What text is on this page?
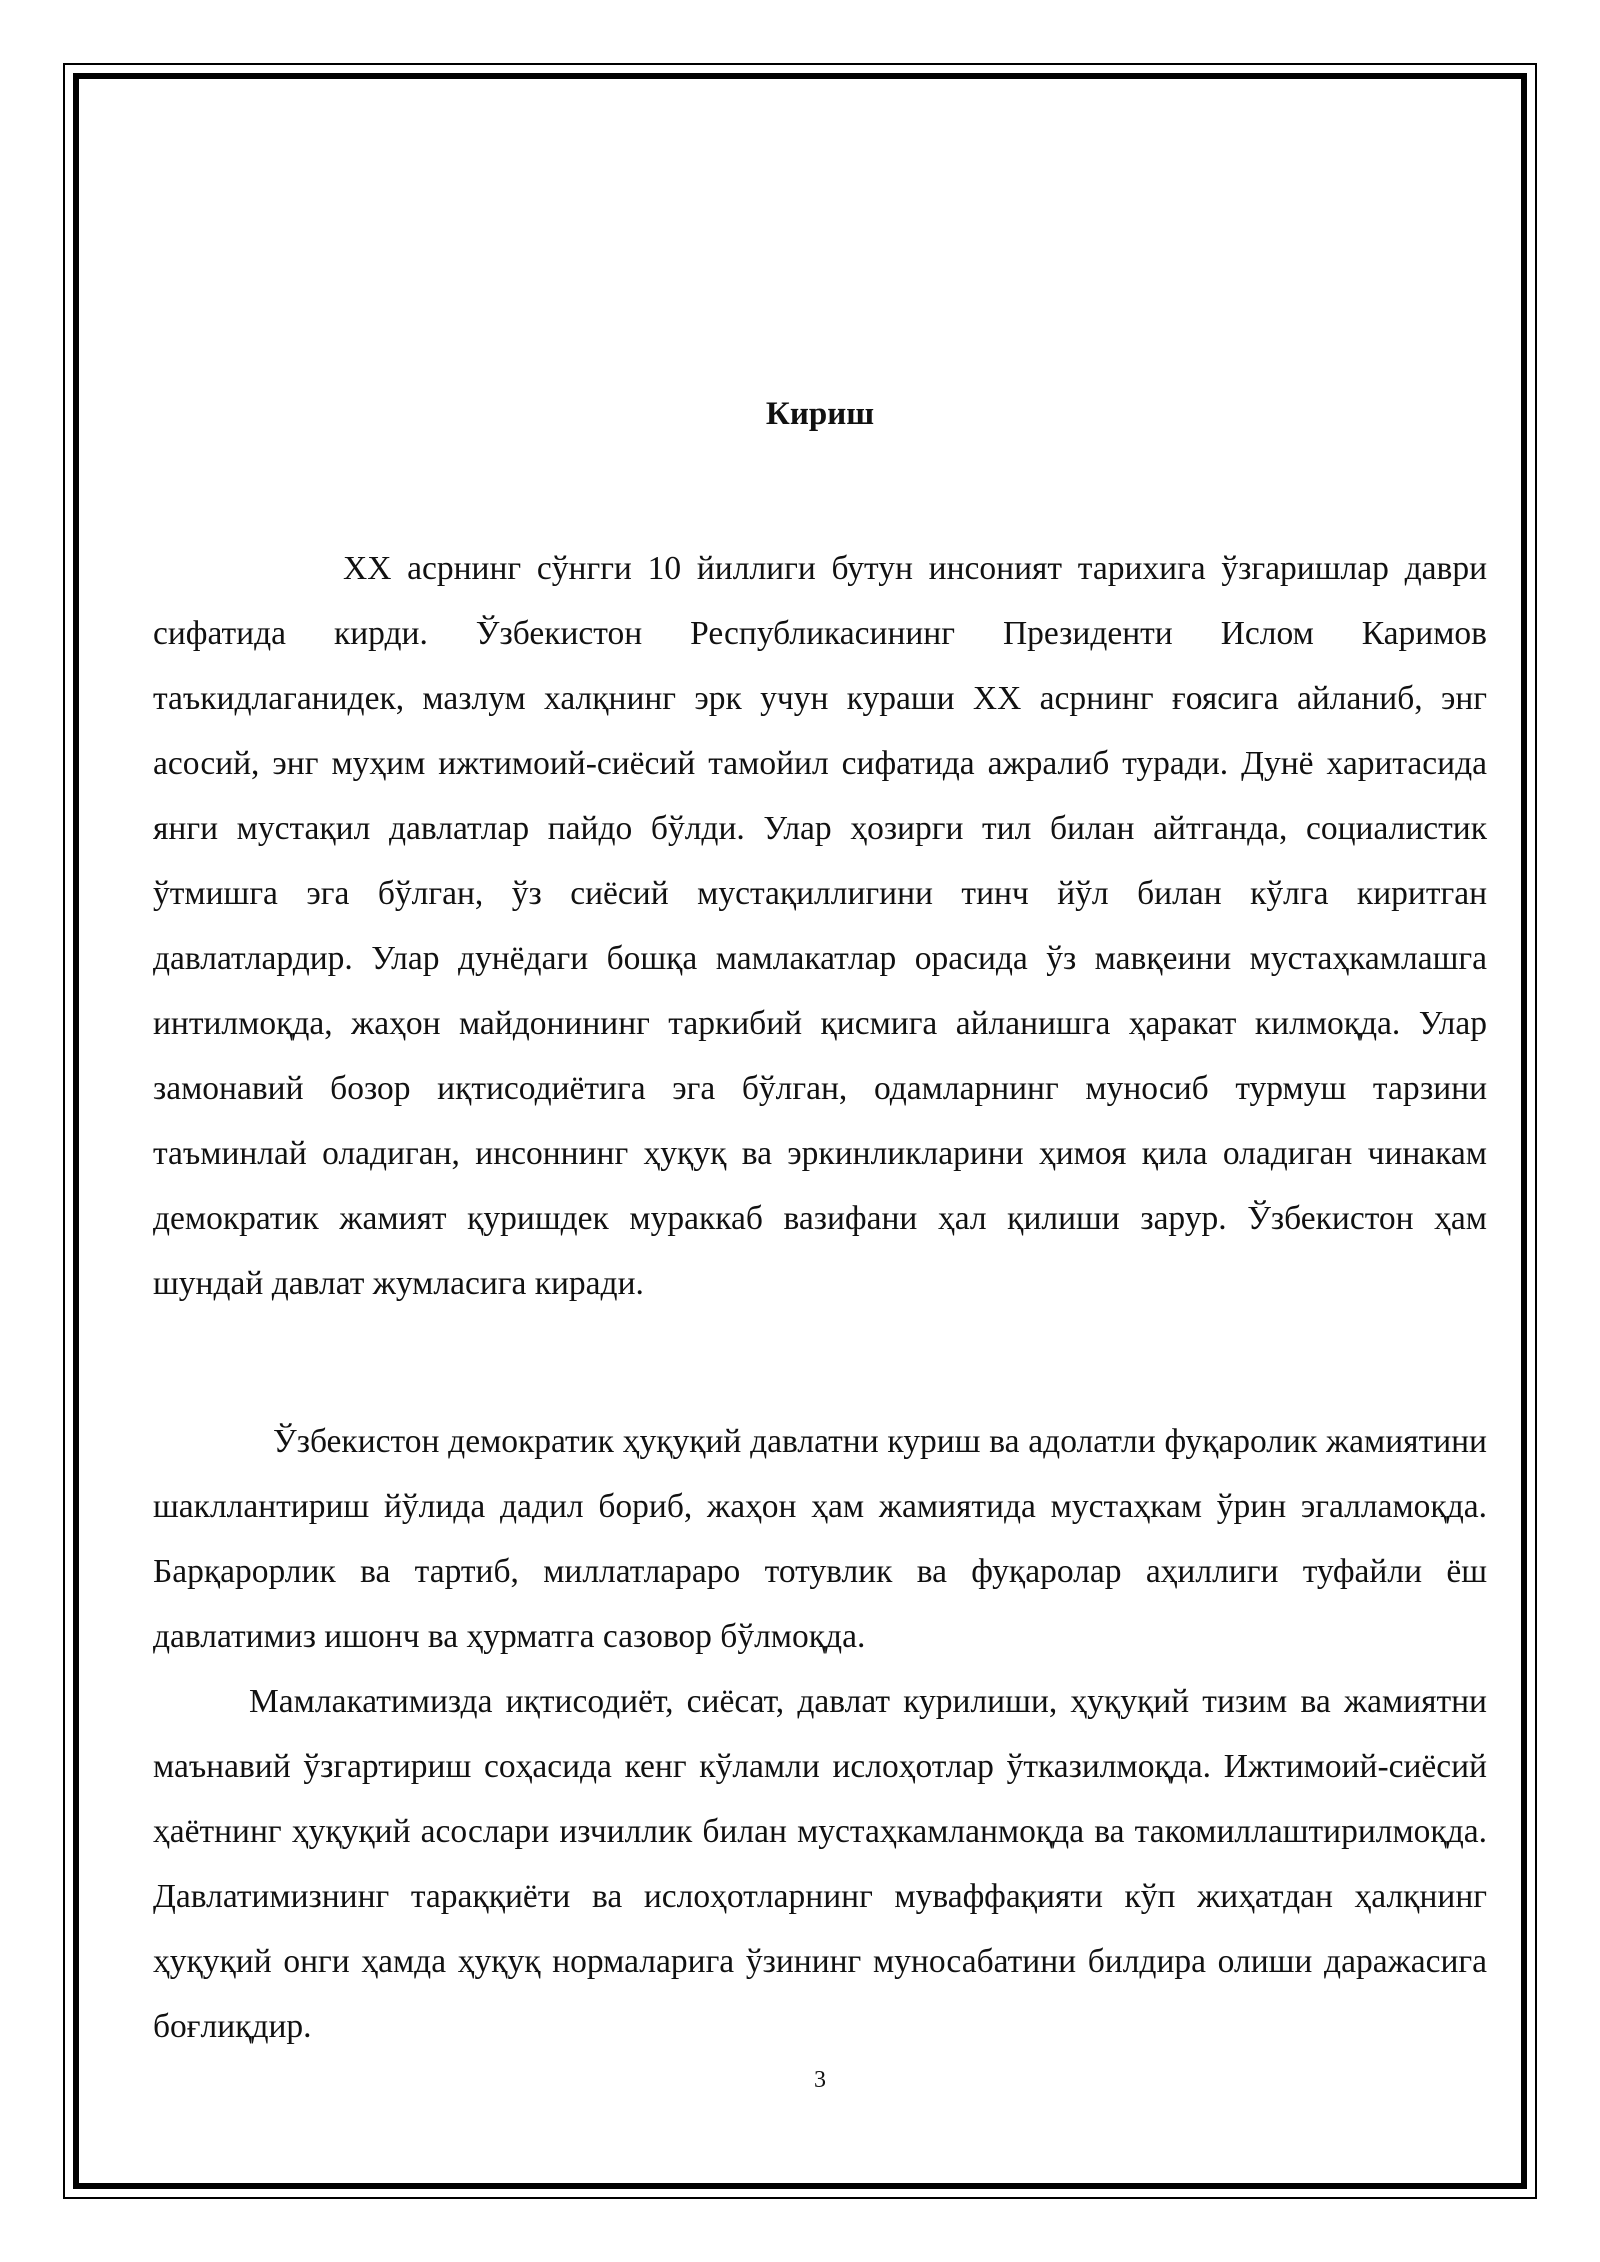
Кириш

XX асрнинг сўнгги 10 йиллиги бутун инсоният тарихига ўзгаришлар даври сифатида кирди. Ўзбекистон Республикасининг Президенти Ислом Каримов таъкидлаганидек, мазлум халқнинг эрк учун кураши XX асрнинг ғоясига айланиб, энг асосий, энг муҳим ижтимоий-сиёсий тамойил сифатида ажралиб туради. Дунё харитасида янги мустақил давлатлар пайдо бўлди. Улар ҳозирги тил билан айтганда, социалистик ўтмишга эга бўлган, ўз сиёсий мустақиллигини тинч йўл билан кўлга киритган давлатлардир. Улар дунёдаги бошқа мамлакатлар орасида ўз мавқеини мустаҳкамлашга интилмоқда, жаҳон майдонининг таркибий қисмига айланишга ҳаракат килмоқда. Улар замонавий бозор иқтисодиётига эга бўлган, одамларнинг муносиб турмуш тарзини таъминлай оладиган, инсоннинг ҳуқуқ ва эркинликларини ҳимоя қила оладиган чинакам демократик жамият қуришдек мураккаб вазифани ҳал қилиши зарур. Ўзбекистон ҳам шундай давлат жумласига киради.

Ўзбекистон демократик ҳуқуқий давлатни куриш ва адолатли фуқаролик жамиятини шакллантириш йўлида дадил бориб, жаҳон ҳам жамиятида мустаҳкам ўрин эгалламоқда. Барқарорлик ва тартиб, миллатлараро тотувлик ва фуқаролар аҳиллиги туфайли ёш давлатимиз ишонч ва ҳурматга сазовор бўлмоқда.

Мамлакатимизда иқтисодиёт, сиёсат, давлат курилиши, ҳуқуқий тизим ва жамиятни маънавий ўзгартириш соҳасида кенг кўламли ислоҳотлар ўтказилмоқда. Ижтимоий-сиёсий ҳаётнинг ҳуқуқий асослари изчиллик билан мустаҳкамланмоқда ва такомиллаштирилмоқда. Давлатимизнинг тараққиёти ва ислоҳотларнинг муваффақияти кўп жиҳатдан ҳалқнинг ҳуқуқий онги ҳамда ҳуқуқ нормаларига ўзининг муносабатини билдира олиши даражасига боғлиқдир.

3
